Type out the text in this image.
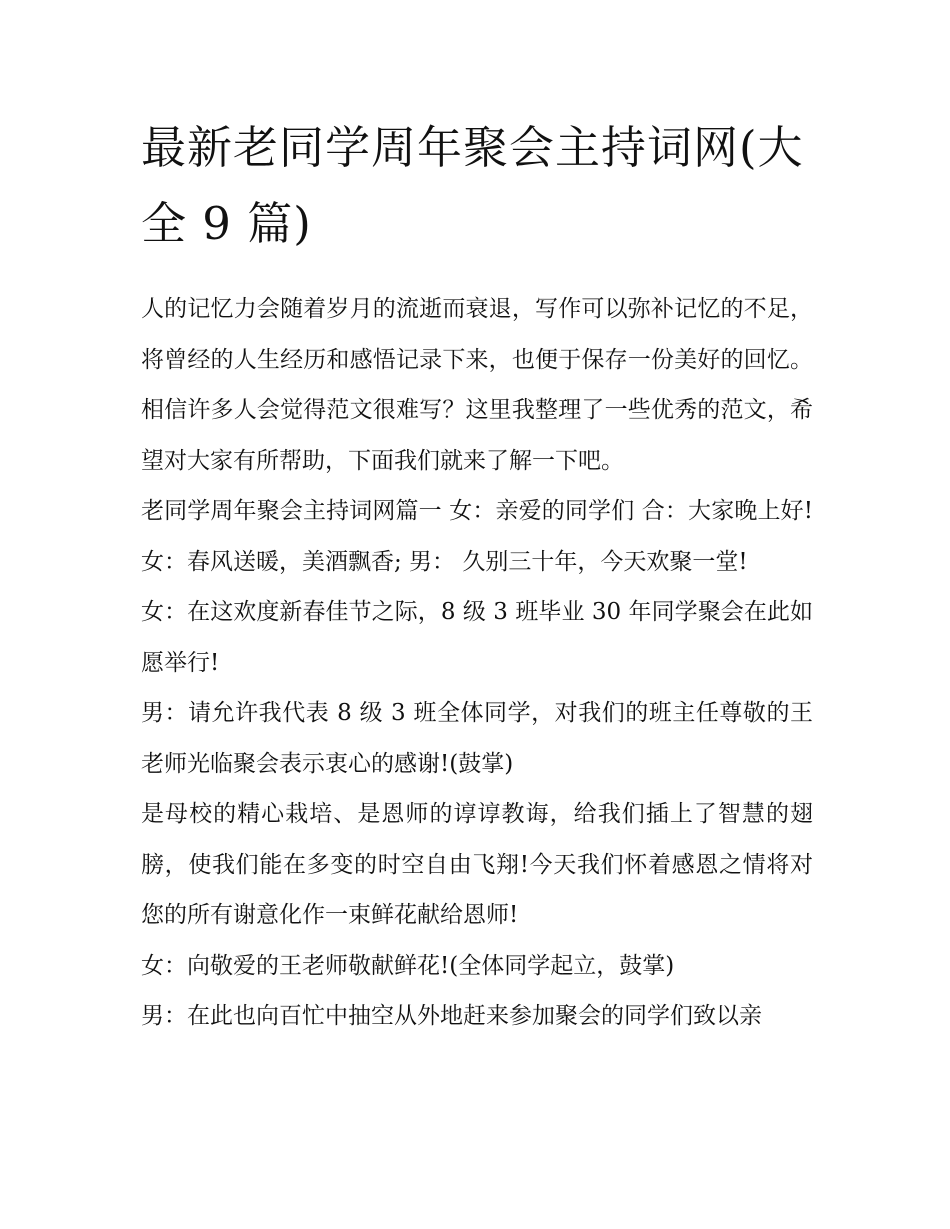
最新老同学周年聚会主持词网(大全 9 篇)

人的记忆力会随着岁月的流逝而衰退，写作可以弥补记忆的不足，将曾经的人生经历和感悟记录下来，也便于保存一份美好的回忆。相信许多人会觉得范文很难写？这里我整理了一些优秀的范文，希望对大家有所帮助，下面我们就来了解一下吧。

老同学周年聚会主持词网篇一 女：亲爱的同学们 合：大家晚上好! 女：春风送暖，美酒飘香; 男： 久别三十年，今天欢聚一堂!

女：在这欢度新春佳节之际，8 级 3 班毕业 30 年同学聚会在此如愿举行!

男：请允许我代表 8 级 3 班全体同学，对我们的班主任尊敬的王老师光临聚会表示衷心的感谢!(鼓掌)

是母校的精心栽培、是恩师的谆谆教诲，给我们插上了智慧的翅膀，使我们能在多变的时空自由飞翔!今天我们怀着感恩之情将对您的所有谢意化作一束鲜花献给恩师!

女：向敬爱的王老师敬献鲜花!(全体同学起立，鼓掌)

男：在此也向百忙中抽空从外地赶来参加聚会的同学们致以亲
